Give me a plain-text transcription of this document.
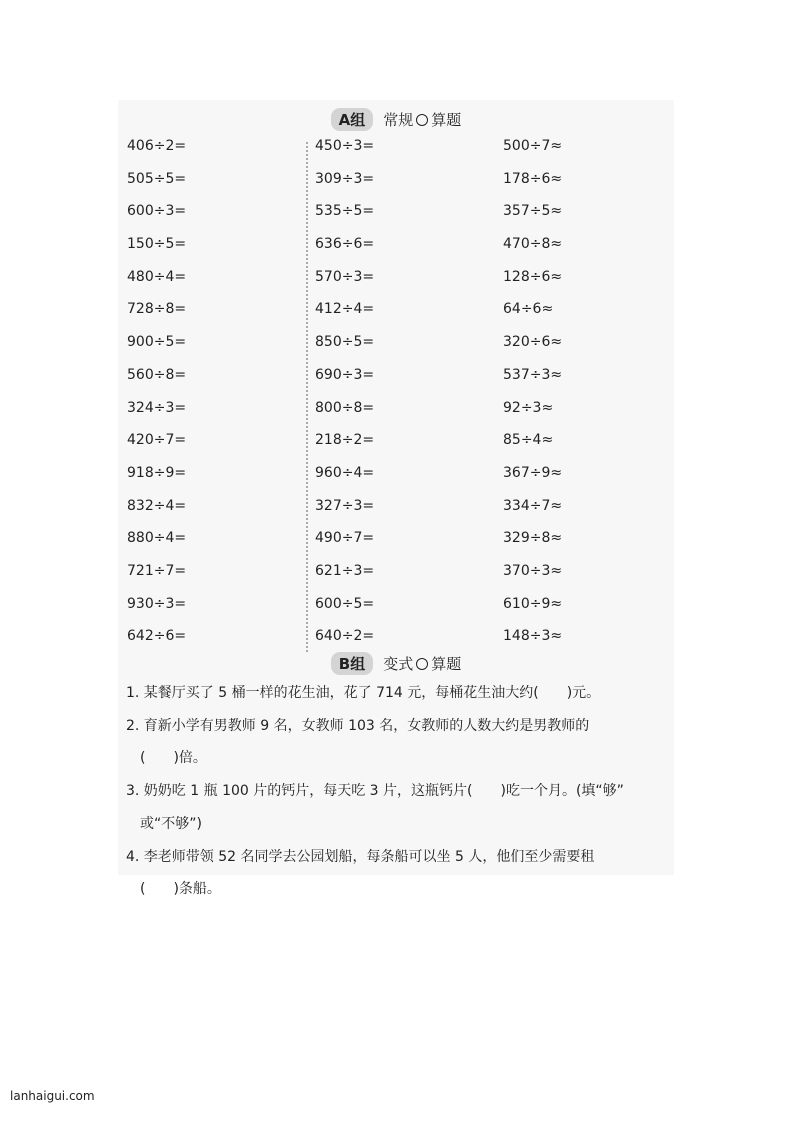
A组 常规 算题
406÷2=
505÷5=
600÷3=
150÷5=
480÷4=
728÷8=
900÷5=
560÷8=
324÷3=
420÷7=
918÷9=
832÷4=
880÷4=
721÷7=
930÷3=
642÷6=
450÷3=
309÷3=
535÷5=
636÷6=
570÷3=
412÷4=
850÷5=
690÷3=
800÷8=
218÷2=
960÷4=
327÷3=
490÷7=
621÷3=
600÷5=
640÷2=
500÷7≈
178÷6≈
357÷5≈
470÷8≈
128÷6≈
64÷6≈
320÷6≈
537÷3≈
92÷3≈
85÷4≈
367÷9≈
334÷7≈
329÷8≈
370÷3≈
610÷9≈
148÷3≈
B组 变式 算题
1. 某餐厅买了 5 桶一样的花生油，花了 714 元，每桶花生油大约(　　)元。
2. 育新小学有男教师 9 名，女教师 103 名，女教师的人数大约是男教师的
(　　)倍。
3. 奶奶吃 1 瓶 100 片的钙片，每天吃 3 片，这瓶钙片(　　)吃一个月。(填“够”
或“不够”)
4. 李老师带领 52 名同学去公园划船，每条船可以坐 5 人，他们至少需要租
(　　)条船。
lanhaigui.com
